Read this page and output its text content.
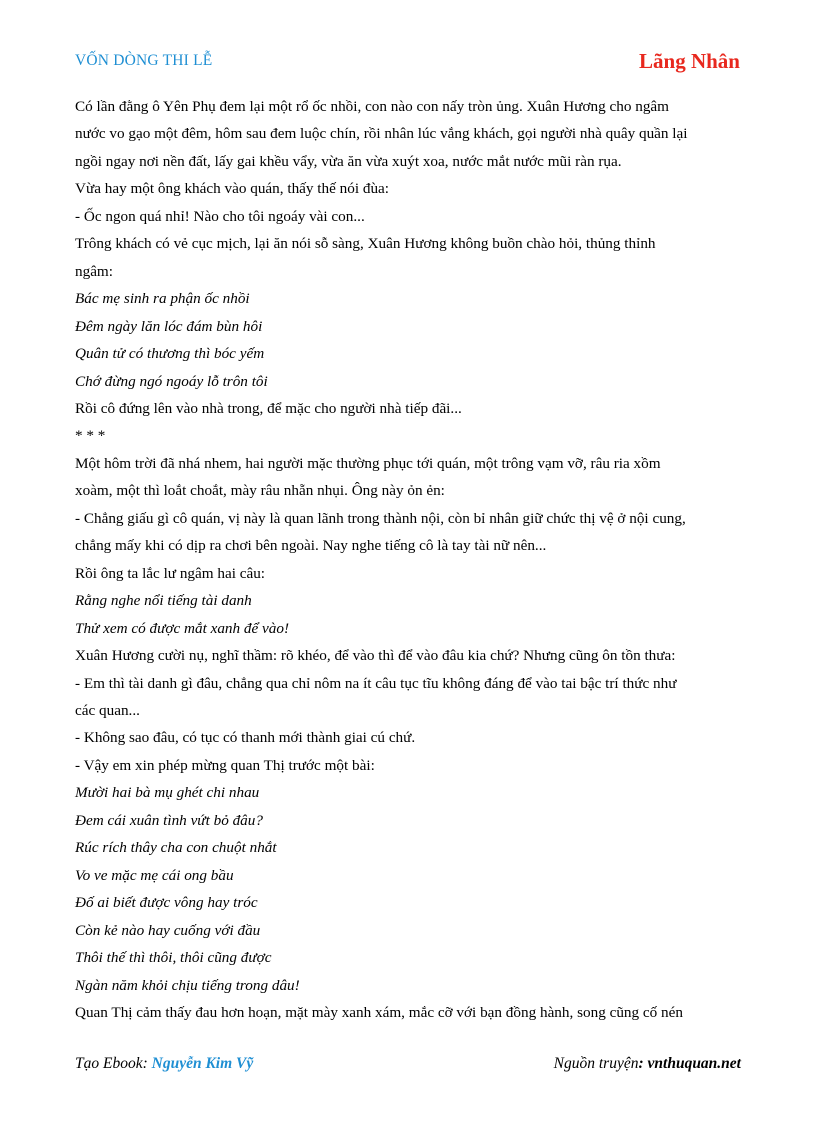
VỐN DÒNG THI LỄ	Lãng Nhân
Có lần đằng ô Yên Phụ đem lại một rổ ốc nhồi, con nào con nấy tròn ủng. Xuân Hương cho ngâm
nước vo gạo một đêm, hôm sau đem luộc chín, rồi nhân lúc vắng khách, gọi người nhà quây quần lại
ngồi ngay nơi nền đất, lấy gai khều vẩy, vừa ăn vừa xuýt xoa, nước mắt nước mũi ràn rụa.
Vừa hay một ông khách vào quán, thấy thế nói đùa:
- Ốc ngon quá nhỉ! Nào cho tôi ngoáy vài con...
Trông khách có vẻ cục mịch, lại ăn nói sỗ sàng, Xuân Hương không buồn chào hỏi, thủng thỉnh
ngâm:
Bác mẹ sinh ra phận ốc nhồi
Đêm ngày lăn lóc đám bùn hôi
Quân tử có thương thì bóc yếm
Chớ đừng ngó ngoáy lỗ trôn tôi
Rồi cô đứng lên vào nhà trong, để mặc cho người nhà tiếp đãi...
* * *
Một hôm trời đã nhá nhem, hai người mặc thường phục tới quán, một trông vạm vỡ, râu ria xồm
xoàm, một thì loắt choắt, mày râu nhẵn nhụi. Ông này ỏn ẻn:
- Chẳng giấu gì cô quán, vị này là quan lãnh trong thành nội, còn bỉ nhân giữ chức thị vệ ở nội cung,
chẳng mấy khi có dịp ra chơi bên ngoài. Nay nghe tiếng cô là tay tài nữ nên...
Rồi ông ta lắc lư ngâm hai câu:
Rằng nghe nổi tiếng tài danh
Thử xem có được mắt xanh để vào!
Xuân Hương cười nụ, nghĩ thầm: rõ khéo, để vào thì để vào đâu kia chứ? Nhưng cũng ôn tồn thưa:
- Em thì tài danh gì đâu, chẳng qua chỉ nôm na ít câu tục tĩu không đáng để vào tai bậc trí thức như
các quan...
- Không sao đâu, có tục có thanh mới thành giai cú chứ.
- Vậy em xin phép mừng quan Thị trước một bài:
Mười hai bà mụ ghét chi nhau
Đem cái xuân tình vứt bỏ đâu?
Rúc rích thây cha con chuột nhắt
Vo ve mặc mẹ cái ong bầu
Đố ai biết được vông hay tróc
Còn kẻ nào hay cuống với đầu
Thôi thế thì thôi, thôi cũng được
Ngàn năm khỏi chịu tiếng trong dâu!
Quan Thị cảm thấy đau hơn hoạn, mặt mày xanh xám, mắc cỡ với bạn đồng hành, song cũng cố nén
Tạo Ebook: Nguyễn Kim Vỹ	Nguồn truyện: vnthuquan.net
